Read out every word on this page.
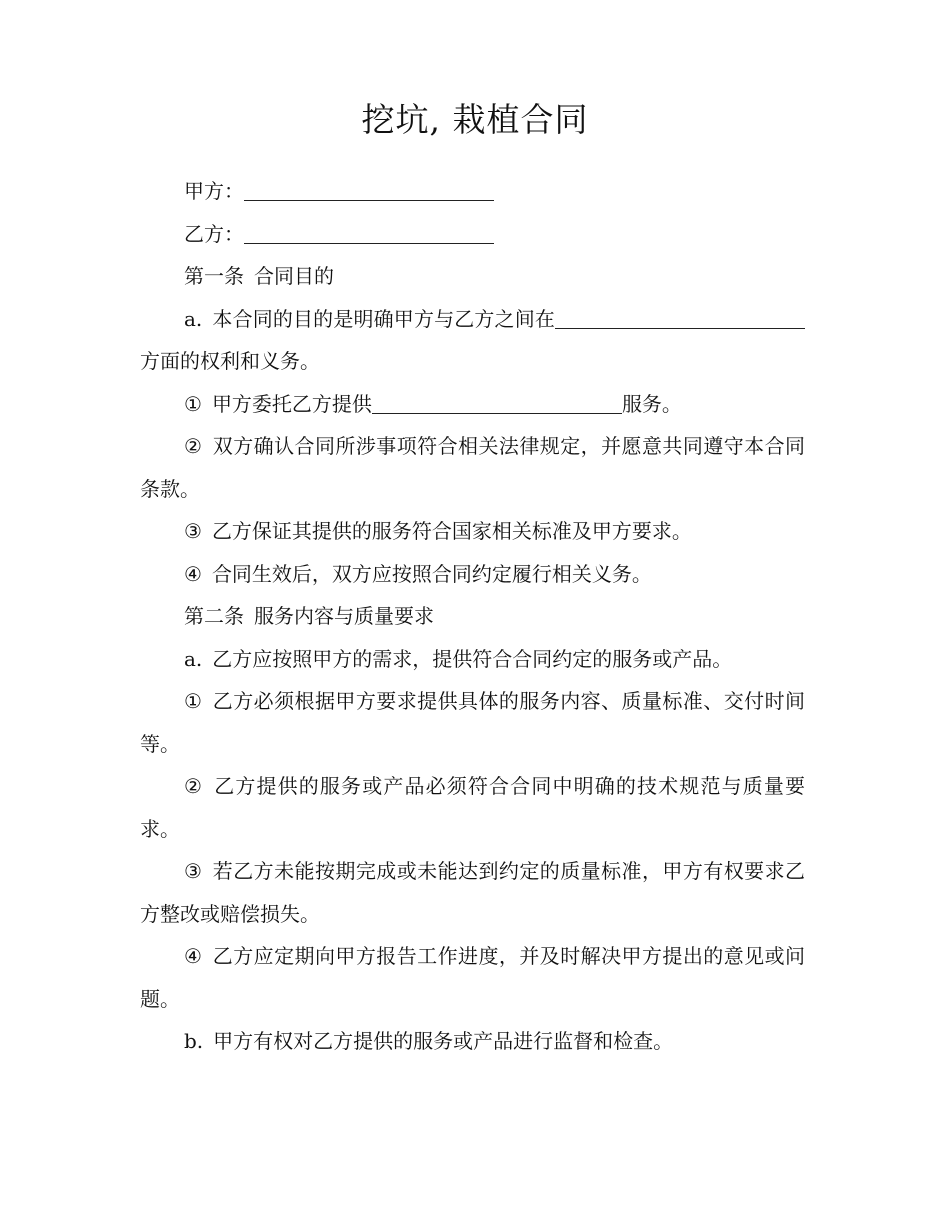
挖坑, 栽植合同

甲方：

乙方：

第一条 合同目的

a. 本合同的目的是明确甲方与乙方之间在方面的权利和义务。

① 甲方委托乙方提供	服务。

② 双方确认合同所涉事项符合相关法律规定，并愿意共同遵守本合同条款。

③ 乙方保证其提供的服务符合国家相关标准及甲方要求。

④ 合同生效后，双方应按照合同约定履行相关义务。

第二条 服务内容与质量要求

a. 乙方应按照甲方的需求，提供符合合同约定的服务或产品。

① 乙方必须根据甲方要求提供具体的服务内容、质量标准、交付时间等。

② 乙方提供的服务或产品必须符合合同中明确的技术规范与质量要求。

③ 若乙方未能按期完成或未能达到约定的质量标准，甲方有权要求乙方整改或赔偿损失。

④ 乙方应定期向甲方报告工作进度，并及时解决甲方提出的意见或问题。

b. 甲方有权对乙方提供的服务或产品进行监督和检查。
